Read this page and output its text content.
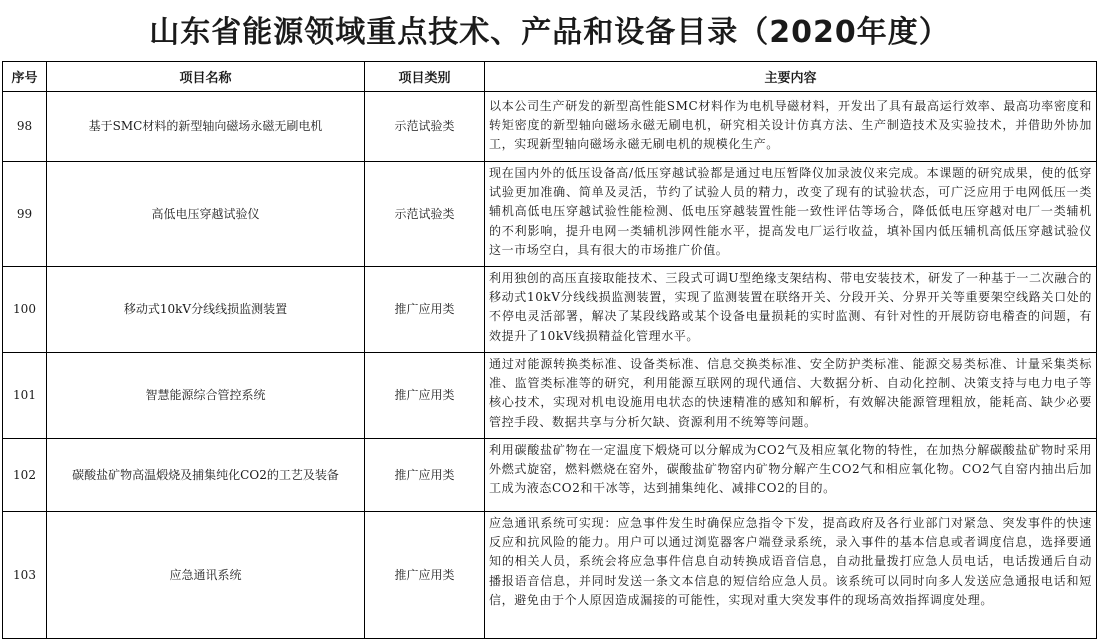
山东省能源领域重点技术、产品和设备目录（2020年度）
序号	项目名称	项目类别	主要内容
98	基于SMC材料的新型轴向磁场永磁无刷电机	示范试验类	以本公司生产研发的新型高性能SMC材料作为电机导磁材料，开发出了具有最高运行效率、最高功率密度和转矩密度的新型轴向磁场永磁无刷电机，研究相关设计仿真方法、生产制造技术及实验技术，并借助外协加工，实现新型轴向磁场永磁无刷电机的规模化生产。
99	高低电压穿越试验仪	示范试验类	现在国内外的低压设备高/低压穿越试验都是通过电压暂降仪加录波仪来完成。本课题的研究成果，使的低穿试验更加准确、简单及灵活，节约了试验人员的精力，改变了现有的试验状态，可广泛应用于电网低压一类辅机高低电压穿越试验性能检测、低电压穿越装置性能一致性评估等场合，降低低电压穿越对电厂一类辅机的不利影响，提升电网一类辅机涉网性能水平，提高发电厂运行收益，填补国内低压辅机高低压穿越试验仪这一市场空白，具有很大的市场推广价值。
100	移动式10kV分线线损监测装置	推广应用类	利用独创的高压直接取能技术、三段式可调U型绝缘支架结构、带电安装技术，研发了一种基于一二次融合的移动式10kV分线线损监测装置，实现了监测装置在联络开关、分段开关、分界开关等重要架空线路关口处的不停电灵活部署，解决了某段线路或某个设备电量损耗的实时监测、有针对性的开展防窃电稽查的问题，有效提升了10kV线损精益化管理水平。
101	智慧能源综合管控系统	推广应用类	通过对能源转换类标准、设备类标准、信息交换类标准、安全防护类标准、能源交易类标准、计量采集类标准、监管类标准等的研究，利用能源互联网的现代通信、大数据分析、自动化控制、决策支持与电力电子等核心技术，实现对机电设施用电状态的快速精准的感知和解析，有效解决能源管理粗放，能耗高、缺少必要管控手段、数据共享与分析欠缺、资源利用不统筹等问题。
102	碳酸盐矿物高温煅烧及捕集纯化CO2的工艺及装备	推广应用类	利用碳酸盐矿物在一定温度下煅烧可以分解成为CO2气及相应氧化物的特性，在加热分解碳酸盐矿物时采用外燃式旋窑，燃料燃烧在窑外，碳酸盐矿物窑内矿物分解产生CO2气和相应氧化物。CO2气自窑内抽出后加工成为液态CO2和干冰等，达到捕集纯化、减排CO2的目的。
103	应急通讯系统	推广应用类	应急通讯系统可实现：应急事件发生时确保应急指令下发，提高政府及各行业部门对紧急、突发事件的快速反应和抗风险的能力。用户可以通过浏览器客户端登录系统，录入事件的基本信息或者调度信息，选择要通知的相关人员，系统会将应急事件信息自动转换成语音信息，自动批量拨打应急人员电话，电话拨通后自动播报语音信息，并同时发送一条文本信息的短信给应急人员。该系统可以同时向多人发送应急通报电话和短信，避免由于个人原因造成漏接的可能性，实现对重大突发事件的现场高效指挥调度处理。
